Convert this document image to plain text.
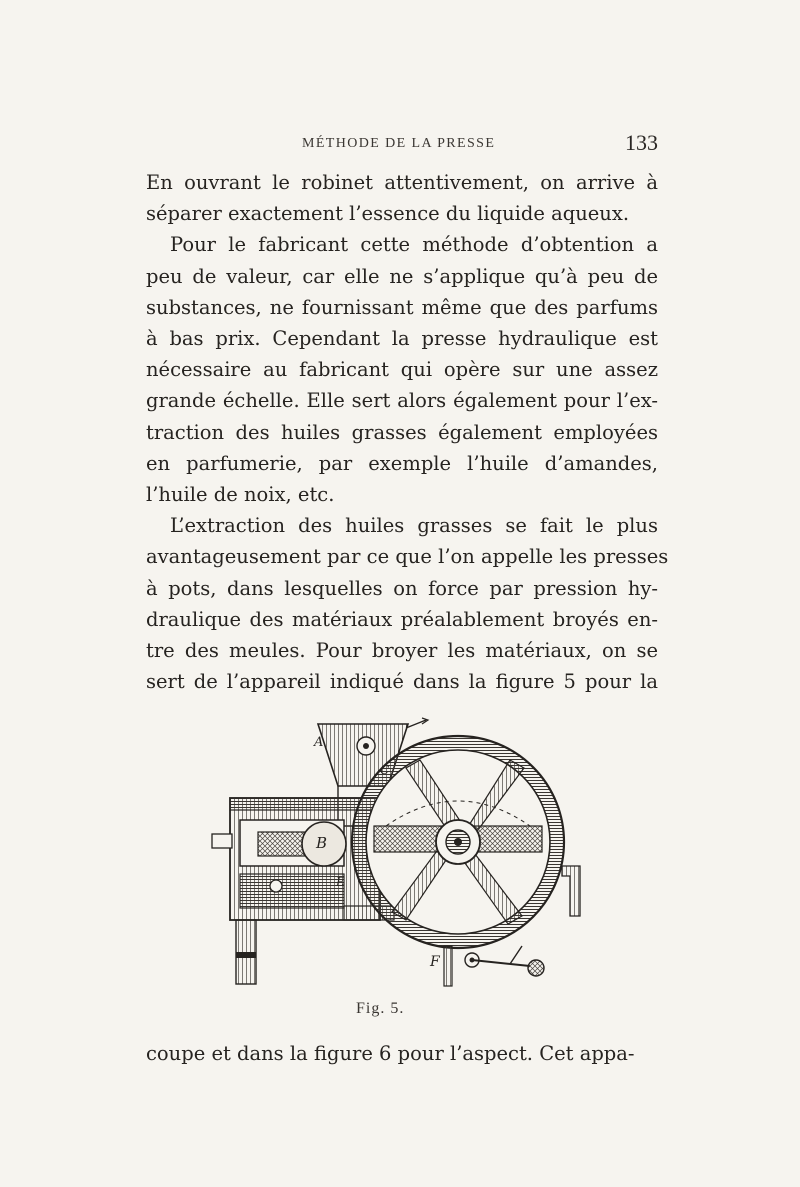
MÉTHODE DE LA PRESSE	133
En ouvrant le robinet attentivement, on arrive à
séparer exactement l’essence du liquide aqueux.
Pour le fabricant cette méthode d’obtention a
peu de valeur, car elle ne s’applique qu’à peu de
substances, ne fournissant même que des parfums
à bas prix. Cependant la presse hydraulique est
nécessaire au fabricant qui opère sur une assez
grande échelle. Elle sert alors également pour l’ex-
traction des huiles grasses également employées
en parfumerie, par exemple l’huile d’amandes,
l’huile de noix, etc.
L’extraction des huiles grasses se fait le plus
avantageusement par ce que l’on appelle les presses
à pots, dans lesquelles on force par pression hy-
draulique des matériaux préalablement broyés en-
tre des meules. Pour broyer les matériaux, on se
sert de l’appareil indiqué dans la figure 5 pour la
A
B
C
E
F
Fig. 5.
coupe et dans la figure 6 pour l’aspect. Cet appa-
